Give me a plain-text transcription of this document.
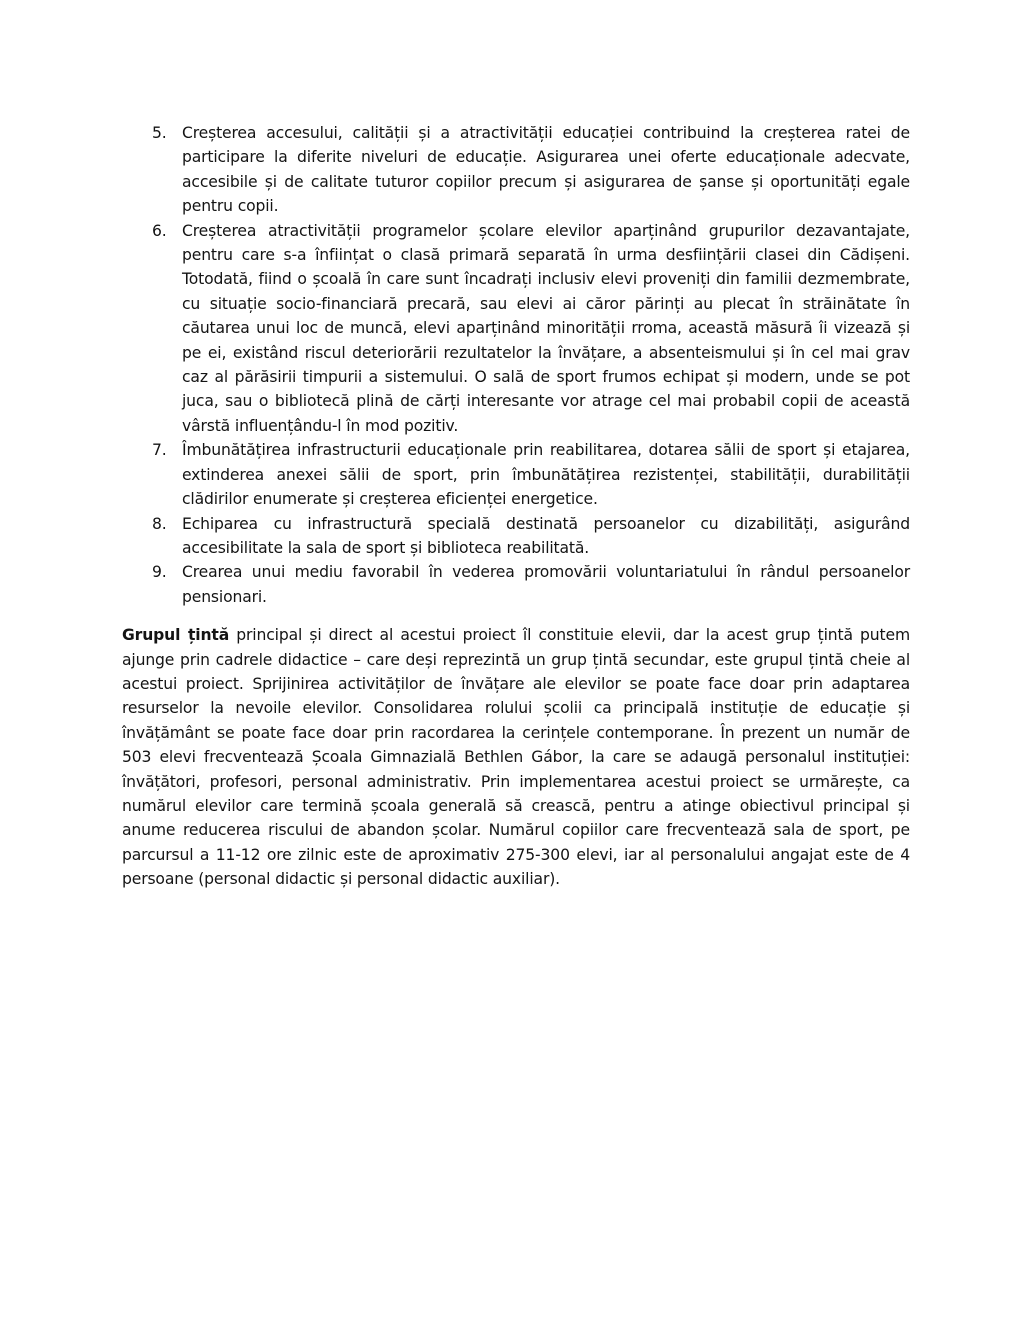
5. Creșterea accesului, calității și a atractivității educației contribuind la creșterea ratei de participare la diferite niveluri de educație. Asigurarea unei oferte educaționale adecvate, accesibile și de calitate tuturor copiilor precum și asigurarea de șanse și oportunități egale pentru copii.
6. Creșterea atractivității programelor școlare elevilor aparținând grupurilor dezavantajate, pentru care s-a înființat o clasă primară separată în urma desființării clasei din Cădișeni. Totodată, fiind o școală în care sunt încadrați inclusiv elevi proveniți din familii dezmembrate, cu situație socio-financiară precară, sau elevi ai căror părinți au plecat în străinătate în căutarea unui loc de muncă, elevi aparținând minorității rroma, această măsură îi vizează și pe ei, existând riscul deteriorării rezultatelor la învățare, a absenteismului și în cel mai grav caz al părăsirii timpurii a sistemului. O sală de sport frumos echipat și modern, unde se pot juca, sau o bibliotecă plină de cărți interesante vor atrage cel mai probabil copii de această vârstă influențându-l în mod pozitiv.
7. Îmbunătățirea infrastructurii educaționale prin reabilitarea, dotarea sălii de sport și etajarea, extinderea anexei sălii de sport, prin îmbunătățirea rezistenței, stabilității, durabilității clădirilor enumerate și creșterea eficienței energetice.
8. Echiparea cu infrastructură specială destinată persoanelor cu dizabilități, asigurând accesibilitate la sala de sport și biblioteca reabilitată.
9. Crearea unui mediu favorabil în vederea promovării voluntariatului în rândul persoanelor pensionari.

Grupul țintă principal și direct al acestui proiect îl constituie elevii, dar la acest grup țintă putem ajunge prin cadrele didactice – care deși reprezintă un grup țintă secundar, este grupul țintă cheie al acestui proiect. Sprijinirea activităților de învățare ale elevilor se poate face doar prin adaptarea resurselor la nevoile elevilor. Consolidarea rolului școlii ca principală instituție de educație și învățământ se poate face doar prin racordarea la cerințele contemporane. În prezent un număr de 503 elevi frecventează Școala Gimnazială Bethlen Gábor, la care se adaugă personalul instituției: învățători, profesori, personal administrativ. Prin implementarea acestui proiect se urmărește, ca numărul elevilor care termină școala generală să crească, pentru a atinge obiectivul principal și anume reducerea riscului de abandon școlar. Numărul copiilor care frecventează sala de sport, pe parcursul a 11-12 ore zilnic este de aproximativ 275-300 elevi, iar al personalului angajat este de 4 persoane (personal didactic și personal didactic auxiliar).
